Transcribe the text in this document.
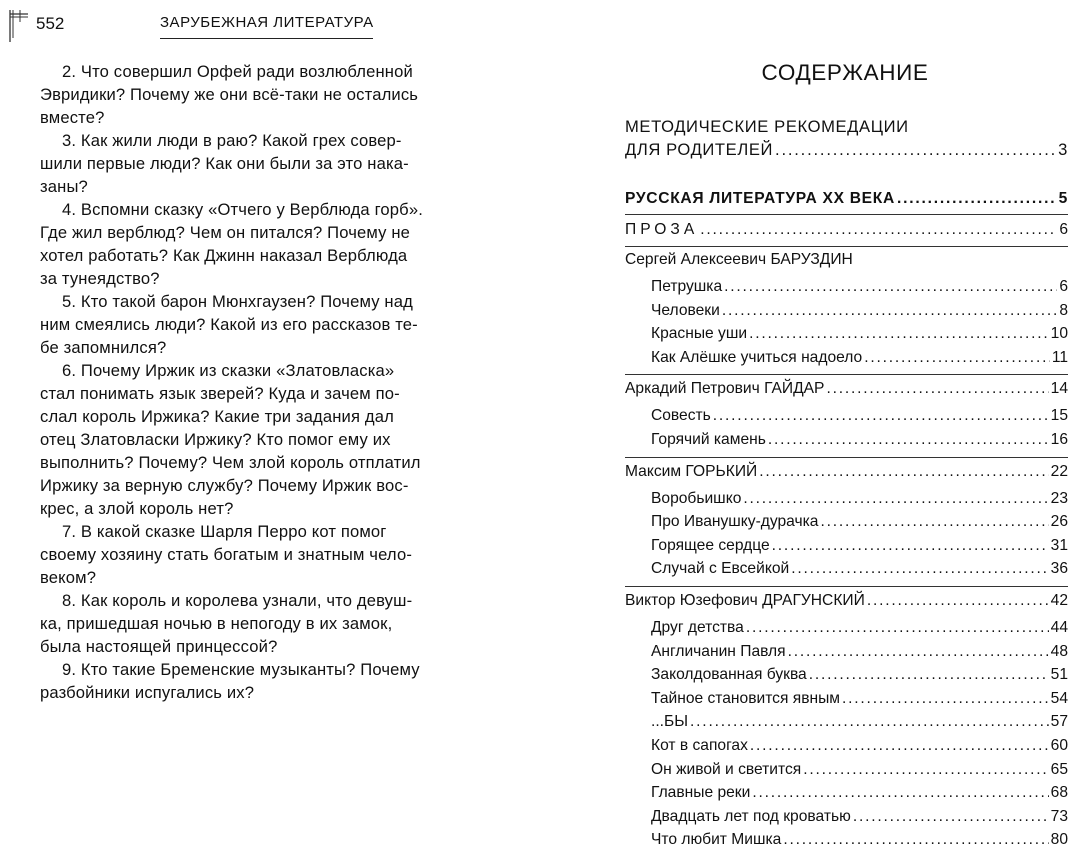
552	ЗАРУБЕЖНАЯ ЛИТЕРАТУРА
2. Что совершил Орфей ради возлюбленной
Эвридики? Почему же они всё-таки не остались
вместе?
3. Как жили люди в раю? Какой грех совер-
шили первые люди? Как они были за это нака-
заны?
4. Вспомни сказку «Отчего у Верблюда горб».
Где жил верблюд? Чем он питался? Почему не
хотел работать? Как Джинн наказал Верблюда
за тунеядство?
5. Кто такой барон Мюнхгаузен? Почему над
ним смеялись люди? Какой из его рассказов те-
бе запомнился?
6. Почему Иржик из сказки «Златовласка»
стал понимать язык зверей? Куда и зачем по-
слал король Иржика? Какие три задания дал
отец Златовласки Иржику? Кто помог ему их
выполнить? Почему? Чем злой король отплатил
Иржику за верную службу? Почему Иржик вос-
крес, а злой король нет?
7. В какой сказке Шарля Перро кот помог
своему хозяину стать богатым и знатным чело-
веком?
8. Как король и королева узнали, что девуш-
ка, пришедшая ночью в непогоду в их замок,
была настоящей принцессой?
9. Кто такие Бременские музыканты? Почему
разбойники испугались их?
СОДЕРЖАНИЕ
МЕТОДИЧЕСКИЕ РЕКОМЕДАЦИИ
ДЛЯ РОДИТЕЛЕЙ .....	3
РУССКАЯ ЛИТЕРАТУРА XX ВЕКА .....	5
ПРОЗА .....	6
Сергей Алексеевич БАРУЗДИН
Петрушка .....	6
Человеки .....	8
Красные уши .....	10
Как Алёшке учиться надоело .....	11
Аркадий Петрович ГАЙДАР .....	14
Совесть .....	15
Горячий камень .....	16
Максим ГОРЬКИЙ .....	22
Воробьишко .....	23
Про Иванушку-дурачка .....	26
Горящее сердце .....	31
Случай с Евсейкой .....	36
Виктор Юзефович ДРАГУНСКИЙ .....	42
Друг детства .....	44
Англичанин Павля .....	48
Заколдованная буква .....	51
Тайное становится явным .....	54
...БЫ .....	57
Кот в сапогах .....	60
Он живой и светится .....	65
Главные реки .....	68
Двадцать лет под кроватью .....	73
Что любит Мишка .....	80
